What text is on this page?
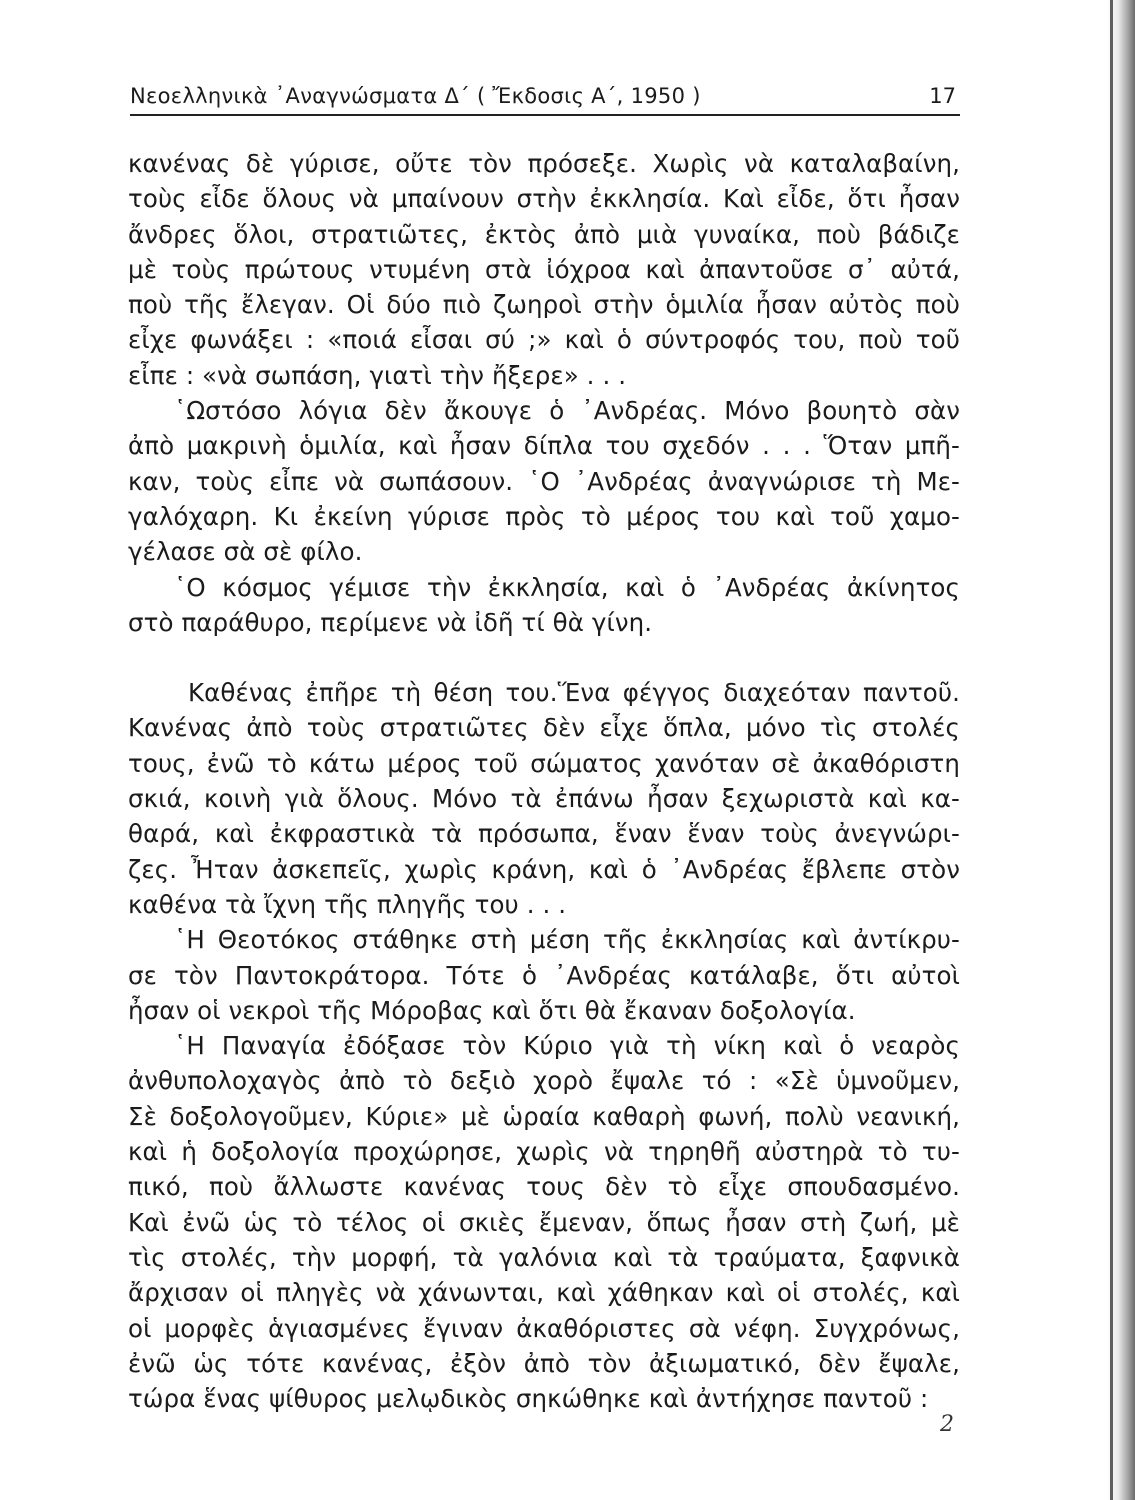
Νεοελληνικὰ ᾿Αναγνώσματα Δ΄ ( Ἔκδοσις Α΄, 1950 )	17
κανένας δὲ γύρισε, οὔτε τὸν πρόσεξε. Χωρὶς νὰ καταλαβαίνη,
τοὺς εἶδε ὅλους νὰ μπαίνουν στὴν ἐκκλησία. Καὶ εἶδε, ὅτι ἦσαν
ἄνδρες ὅλοι, στρατιῶτες, ἐκτὸς ἀπὸ μιὰ γυναίκα, ποὺ βάδιζε
μὲ τοὺς πρώτους ντυμένη στὰ ἰόχροα καὶ ἀπαντοῦσε σ᾿ αὐτά,
ποὺ τῆς ἔλεγαν. Οἱ δύο πιὸ ζωηροὶ στὴν ὁμιλία ἦσαν αὐτὸς ποὺ
εἶχε φωνάξει : «ποιά εἶσαι σύ ;» καὶ ὁ σύντροφός του, ποὺ τοῦ
εἶπε : «νὰ σωπάση, γιατὶ τὴν ἤξερε» . . .
῾Ωστόσο λόγια δὲν ἄκουγε ὁ ᾿Ανδρέας. Μόνο βουητὸ σὰν
ἀπὸ μακρινὴ ὁμιλία, καὶ ἦσαν δίπλα του σχεδόν . . . Ὅταν μπῆ-
καν, τοὺς εἶπε νὰ σωπάσουν. ῾Ο ᾿Ανδρέας ἀναγνώρισε τὴ Με-
γαλόχαρη. Κι ἐκείνη γύρισε πρὸς τὸ μέρος του καὶ τοῦ χαμο-
γέλασε σὰ σὲ φίλο.
῾Ο κόσμος γέμισε τὴν ἐκκλησία, καὶ ὁ ᾿Ανδρέας ἀκίνητος
στὸ παράθυρο, περίμενε νὰ ἰδῆ τί θὰ γίνη.
Καθένας ἐπῆρε τὴ θέση του.Ἕνα φέγγος διαχεόταν παντοῦ.
Κανένας ἀπὸ τοὺς στρατιῶτες δὲν εἶχε ὅπλα, μόνο τὶς στολές
τους, ἐνῶ τὸ κάτω μέρος τοῦ σώματος χανόταν σὲ ἀκαθόριστη
σκιά, κοινὴ γιὰ ὅλους. Μόνο τὰ ἐπάνω ἦσαν ξεχωριστὰ καὶ κα-
θαρά, καὶ ἐκφραστικὰ τὰ πρόσωπα, ἕναν ἕναν τοὺς ἀνεγνώρι-
ζες. Ἦταν ἀσκεπεῖς, χωρὶς κράνη, καὶ ὁ ᾿Ανδρέας ἔβλεπε στὸν
καθένα τὰ ἴχνη τῆς πληγῆς του . . .
῾Η Θεοτόκος στάθηκε στὴ μέση τῆς ἐκκλησίας καὶ ἀντίκρυ-
σε τὸν Παντοκράτορα. Τότε ὁ ᾿Ανδρέας κατάλαβε, ὅτι αὐτοὶ
ἦσαν οἱ νεκροὶ τῆς Μόροβας καὶ ὅτι θὰ ἔκαναν δοξολογία.
῾Η Παναγία ἐδόξασε τὸν Κύριο γιὰ τὴ νίκη καὶ ὁ νεαρὸς
ἀνθυπολοχαγὸς ἀπὸ τὸ δεξιὸ χορὸ ἔψαλε τό : «Σὲ ὑμνοῦμεν,
Σὲ δοξολογοῦμεν, Κύριε» μὲ ὡραία καθαρὴ φωνή, πολὺ νεανική,
καὶ ἡ δοξολογία προχώρησε, χωρὶς νὰ τηρηθῆ αὐστηρὰ τὸ τυ-
πικό, ποὺ ἄλλωστε κανένας τους δὲν τὸ εἶχε σπουδασμένο.
Καὶ ἐνῶ ὡς τὸ τέλος οἱ σκιὲς ἔμεναν, ὅπως ἦσαν στὴ ζωή, μὲ
τὶς στολές, τὴν μορφή, τὰ γαλόνια καὶ τὰ τραύματα, ξαφνικὰ
ἄρχισαν οἱ πληγὲς νὰ χάνωνται, καὶ χάθηκαν καὶ οἱ στολές, καὶ
οἱ μορφὲς ἁγιασμένες ἔγιναν ἀκαθόριστες σὰ νέφη. Συγχρόνως,
ἐνῶ ὡς τότε κανένας, ἐξὸν ἀπὸ τὸν ἀξιωματικό, δὲν ἔψαλε,
τώρα ἕνας ψίθυρος μελῳδικὸς σηκώθηκε καὶ ἀντήχησε παντοῦ :
2
